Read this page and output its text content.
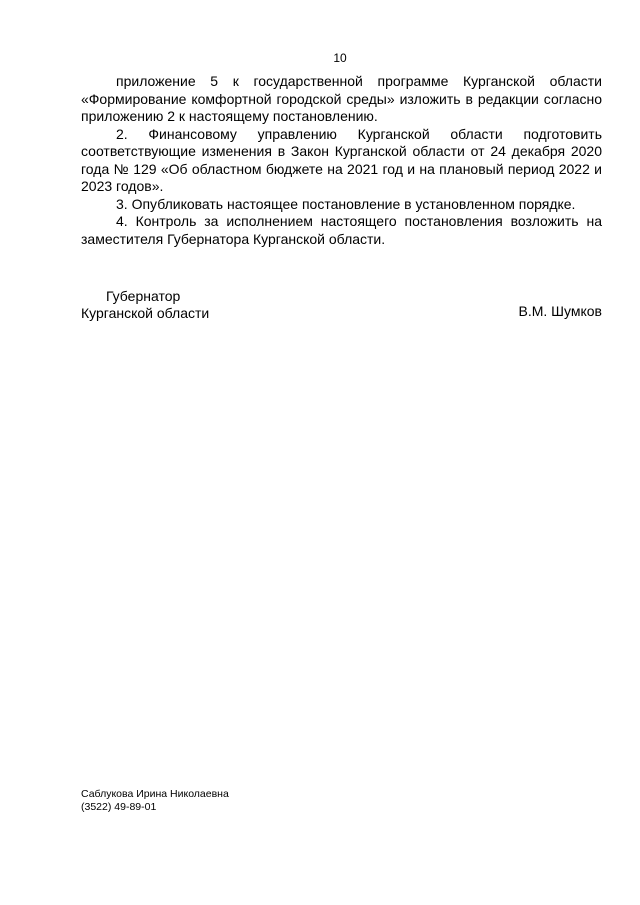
10

приложение 5 к государственной программе Курганской области «Формирование комфортной городской среды» изложить в редакции согласно приложению 2 к настоящему постановлению.

2. Финансовому управлению Курганской области подготовить соответствующие изменения в Закон Курганской области от 24 декабря 2020 года № 129 «Об областном бюджете на 2021 год и на плановый период 2022 и 2023 годов».

3. Опубликовать настоящее постановление в установленном порядке.

4. Контроль за исполнением настоящего постановления возложить на заместителя Губернатора Курганской области.

Губернатор
Курганской области	В.М. Шумков
Саблукова Ирина Николаевна
(3522) 49-89-01
